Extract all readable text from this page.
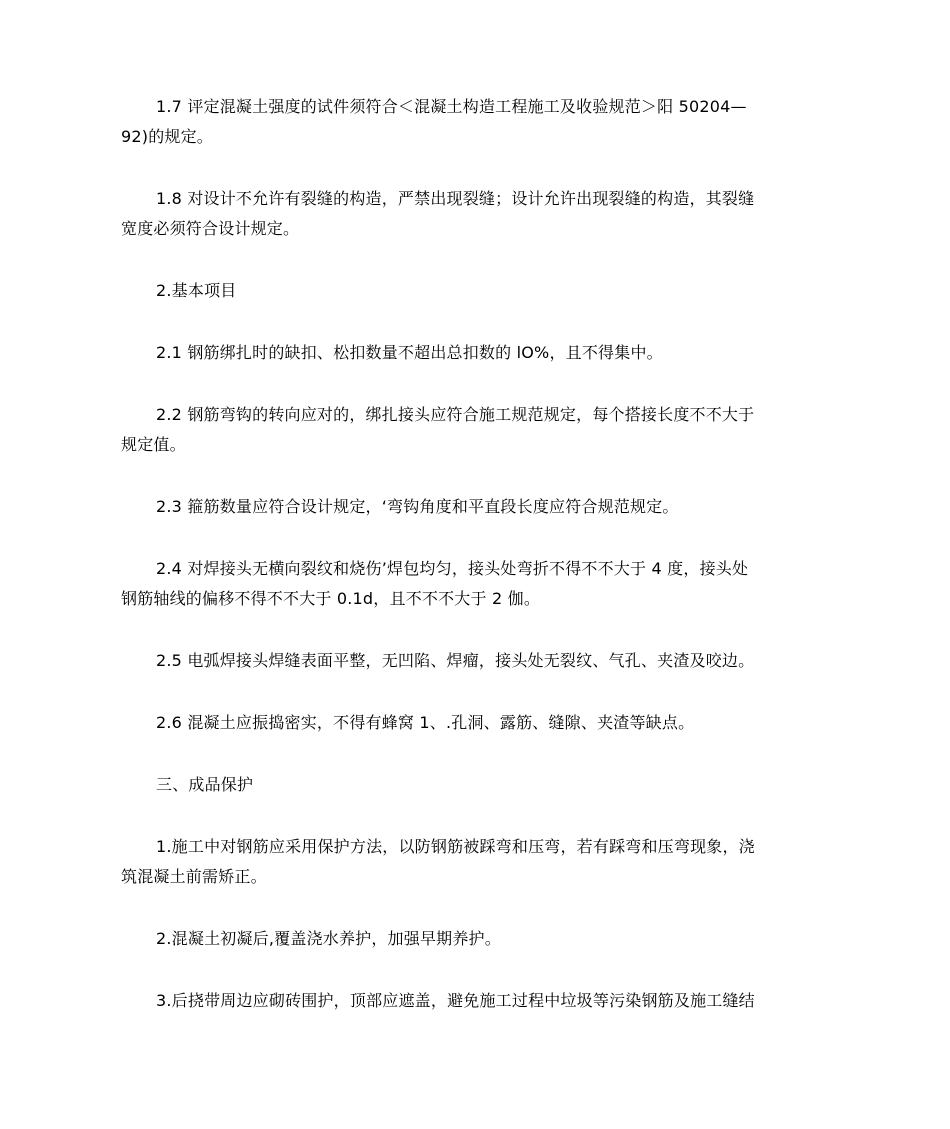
1.7 评定混凝土强度的试件须符合＜混凝土构造工程施工及收验规范＞阳 50204—
92)的规定。

1.8 对设计不允许有裂缝的构造，严禁出现裂缝；设计允许出现裂缝的构造，其裂缝
宽度必须符合设计规定。

2.基本项目

2.1 钢筋绑扎时的缺扣、松扣数量不超出总扣数的 lO%，且不得集中。

2.2 钢筋弯钩的转向应对的，绑扎接头应符合施工规范规定，每个搭接长度不不大于
规定值。

2.3 箍筋数量应符合设计规定，‘弯钩角度和平直段长度应符合规范规定。

2.4 对焊接头无横向裂纹和烧伤’焊包均匀，接头处弯折不得不不大于 4 度，接头处
钢筋轴线的偏移不得不不大于 0.1d，且不不不大于 2 伽。

2.5 电弧焊接头焊缝表面平整，无凹陷、焊瘤，接头处无裂纹、气孔、夹渣及咬边。

2.6 混凝土应振捣密实，不得有蜂窝 1、.孔洞、露筋、缝隙、夹渣等缺点。

三、成品保护

1.施工中对钢筋应采用保护方法，以防钢筋被踩弯和压弯，若有踩弯和压弯现象，浇
筑混凝土前需矫正。

2.混凝土初凝后,覆盖浇水养护，加强早期养护。

3.后挠带周边应砌砖围护，顶部应遮盖，避免施工过程中垃圾等污染钢筋及施工缝结
